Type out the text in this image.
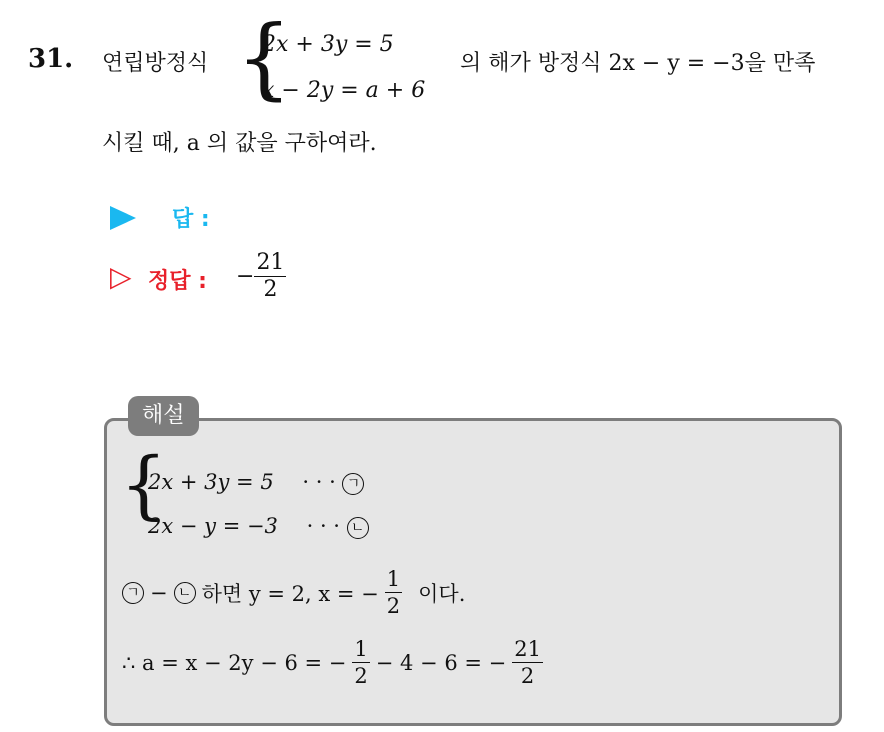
31. 연립방정식 {
2x + 3y = 5
x − 2y = a + 6
의 해가 방정식 2x − y = −3을 만족
시킬 때, a 의 값을 구하여라.
답 :
▷ 정답 : − $\frac{21}{2}$
해설
{
2x + 3y = 5 · · · ㄱ
2x − y = −3 · · · ㄴ
ㄱ − ㄴ 하면 y = 2, x = − $\frac{1}{2}$ 이다.
∴ a = x − 2y − 6 = − $\frac{1}{2} - 4 - 6$ = − $\frac{21}{2}$
